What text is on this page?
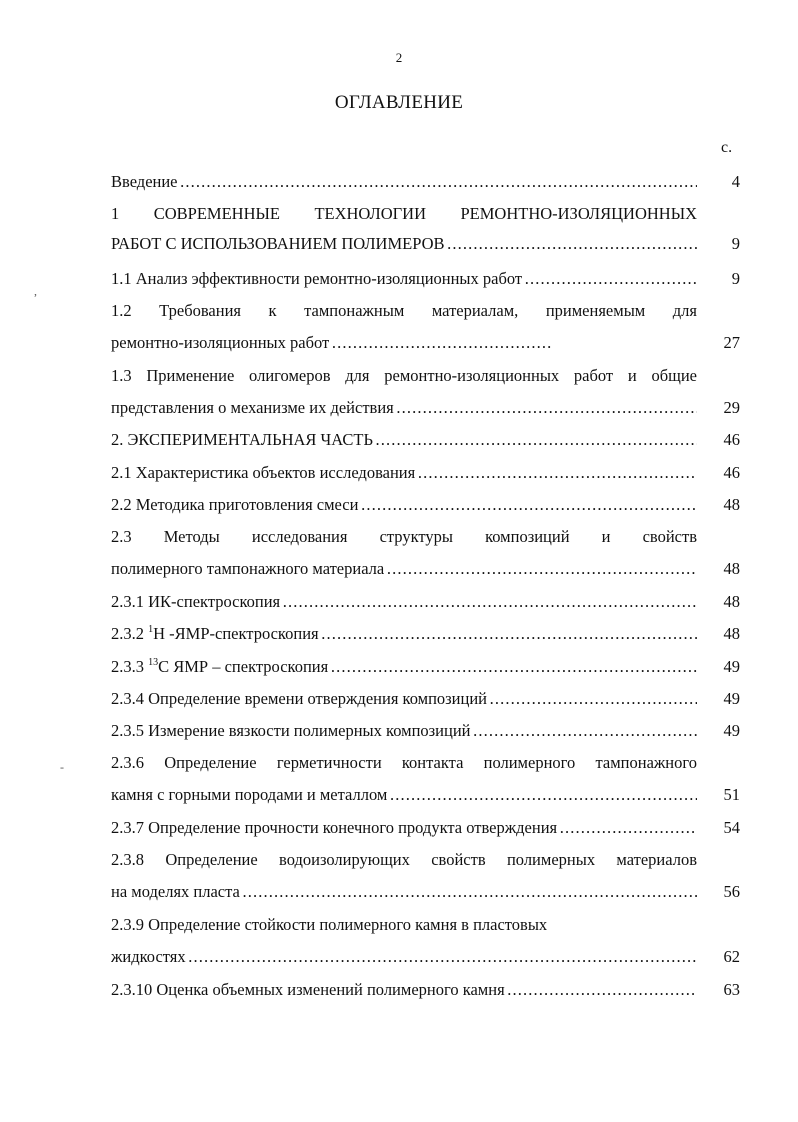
2
ОГЛАВЛЕНИЕ
с.
,
-
Введение . . .	4
1 СОВРЕМЕННЫЕ ТЕХНОЛОГИИ РЕМОНТНО-ИЗОЛЯЦИОННЫХ
РАБОТ С ИСПОЛЬЗОВАНИЕМ ПОЛИМЕРОВ . . .	9
1.1 Анализ эффективности ремонтно-изоляционных работ . . .	9
1.2 Требования к тампонажным материалам, применяемым для
ремонтно-изоляционных работ . . .	27
1.3 Применение олигомеров для ремонтно-изоляционных работ и общие
представления о механизме их действия . . .	29
2. ЭКСПЕРИМЕНТАЛЬНАЯ ЧАСТЬ . . .	46
2.1 Характеристика объектов исследования . . .	46
2.2 Методика приготовления смеси . . .	48
2.3 Методы исследования структуры композиций и свойств
полимерного тампонажного материала . . .	48
2.3.1 ИК-спектроскопия . . .	48
2.3.2 $^1$Н -ЯМР-спектроскопия . . .	48
2.3.3 $^{13}$С ЯМР – спектроскопия . . .	49
2.3.4 Определение времени отверждения композиций . . .	49
2.3.5 Измерение вязкости полимерных композиций . . .	49
2.3.6 Определение герметичности контакта полимерного тампонажного
камня с горными породами и металлом . . .	51
2.3.7 Определение прочности конечного продукта отверждения . . .	54
2.3.8 Определение водоизолирующих свойств полимерных материалов
на моделях пласта . . .	56
2.3.9 Определение стойкости полимерного камня в пластовых
жидкостях . . .	62
2.3.10 Оценка объемных изменений полимерного камня . . .	63
